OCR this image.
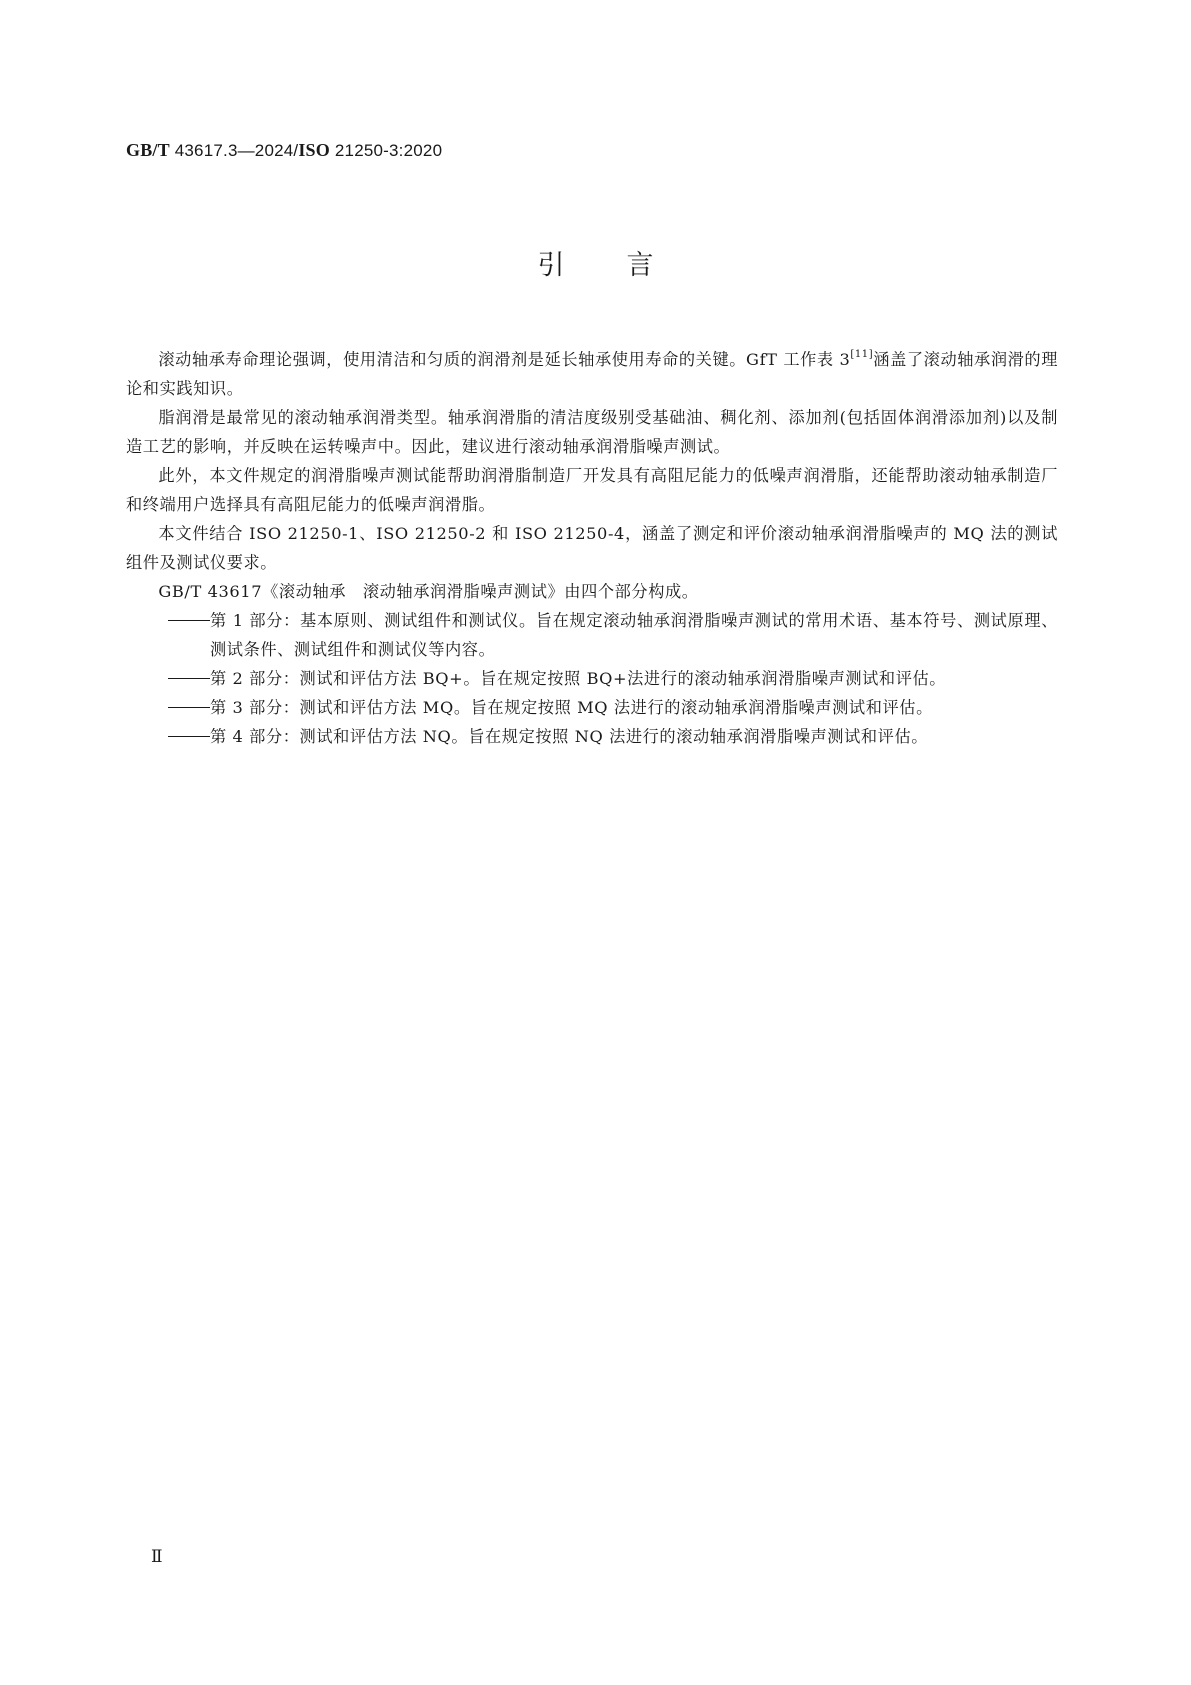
GB/T 43617.3—2024/ISO 21250-3:2020
引言

滚动轴承寿命理论强调，使用清洁和匀质的润滑剂是延长轴承使用寿命的关键。GfT 工作表 3[11]涵盖了滚动轴承润滑的理论和实践知识。

脂润滑是最常见的滚动轴承润滑类型。轴承润滑脂的清洁度级别受基础油、稠化剂、添加剂(包括固体润滑添加剂)以及制造工艺的影响，并反映在运转噪声中。因此，建议进行滚动轴承润滑脂噪声测试。

此外，本文件规定的润滑脂噪声测试能帮助润滑脂制造厂开发具有高阻尼能力的低噪声润滑脂，还能帮助滚动轴承制造厂和终端用户选择具有高阻尼能力的低噪声润滑脂。

本文件结合 ISO 21250-1、ISO 21250-2 和 ISO 21250-4，涵盖了测定和评价滚动轴承润滑脂噪声的 MQ 法的测试组件及测试仪要求。

GB/T 43617《滚动轴承　滚动轴承润滑脂噪声测试》由四个部分构成。

第 1 部分：基本原则、测试组件和测试仪。旨在规定滚动轴承润滑脂噪声测试的常用术语、基本符号、测试原理、测试条件、测试组件和测试仪等内容。

第 2 部分：测试和评估方法 BQ+。旨在规定按照 BQ+法进行的滚动轴承润滑脂噪声测试和评估。

第 3 部分：测试和评估方法 MQ。旨在规定按照 MQ 法进行的滚动轴承润滑脂噪声测试和评估。

第 4 部分：测试和评估方法 NQ。旨在规定按照 NQ 法进行的滚动轴承润滑脂噪声测试和评估。

Ⅱ
